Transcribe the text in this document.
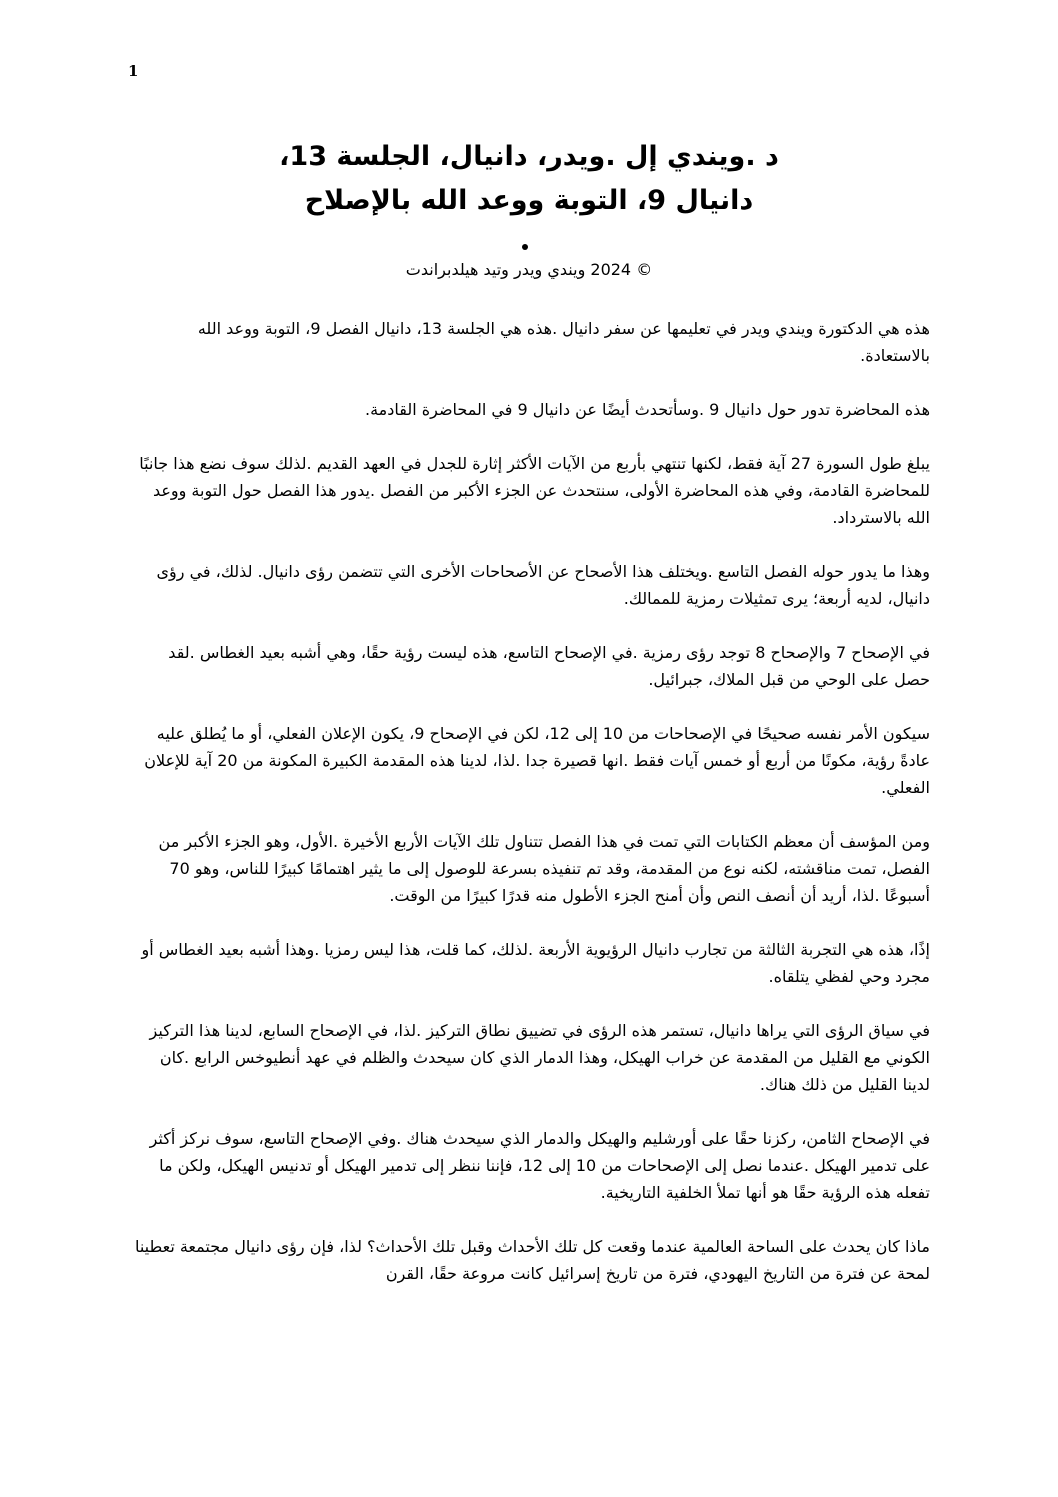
1

د .ويندي إل .ويدر، دانيال، الجلسة 13،

دانيال 9، التوبة ووعد الله بالإصلاح

© 2024 ويندي ويدر وتيد هيلدبراندت

هذه هي الدكتورة ويندي ويدر في تعليمها عن سفر دانيال .هذه هي الجلسة 13، دانيال الفصل 9، التوبة ووعد الله بالاستعادة.

هذه المحاضرة تدور حول دانيال 9 .وسأتحدث أيضًا عن دانيال 9 في المحاضرة القادمة.

يبلغ طول السورة 27 آية فقط، لكنها تنتهي بأربع من الآيات الأكثر إثارة للجدل في العهد القديم .لذلك سوف نضع هذا جانبًا للمحاضرة القادمة، وفي هذه المحاضرة الأولى، سنتحدث عن الجزء الأكبر من الفصل .يدور هذا الفصل حول التوبة ووعد الله بالاسترداد.

وهذا ما يدور حوله الفصل التاسع .ويختلف هذا الأصحاح عن الأصحاحات الأخرى التي تتضمن رؤى دانيال. لذلك، في رؤى دانيال، لديه أربعة؛ يرى تمثيلات رمزية للممالك.

في الإصحاح 7 والإصحاح 8 توجد رؤى رمزية .في الإصحاح التاسع، هذه ليست رؤية حقًا، وهي أشبه بعيد الغطاس .لقد حصل على الوحي من قبل الملاك، جبرائيل.

سيكون الأمر نفسه صحيحًا في الإصحاحات من 10 إلى 12، لكن في الإصحاح 9، يكون الإعلان الفعلي، أو ما يُطلق عليه عادةً رؤية، مكونًا من أربع أو خمس آيات فقط .انها قصيرة جدا .لذا، لدينا هذه المقدمة الكبيرة المكونة من 20 آية للإعلان الفعلي.

ومن المؤسف أن معظم الكتابات التي تمت في هذا الفصل تتناول تلك الآيات الأربع الأخيرة .الأول، وهو الجزء الأكبر من الفصل، تمت مناقشته، لكنه نوع من المقدمة، وقد تم تنفيذه بسرعة للوصول إلى ما يثير اهتمامًا كبيرًا للناس، وهو 70 أسبوعًا .لذا، أريد أن أنصف النص وأن أمنح الجزء الأطول منه قدرًا كبيرًا من الوقت.

إذًا، هذه هي التجربة الثالثة من تجارب دانيال الرؤيوية الأربعة .لذلك، كما قلت، هذا ليس رمزيا .وهذا أشبه بعيد الغطاس أو مجرد وحي لفظي يتلقاه.

في سياق الرؤى التي يراها دانيال، تستمر هذه الرؤى في تضييق نطاق التركيز .لذا، في الإصحاح السابع، لدينا هذا التركيز الكوني مع القليل من المقدمة عن خراب الهيكل، وهذا الدمار الذي كان سيحدث والظلم في عهد أنطيوخس الرابع .كان لدينا القليل من ذلك هناك.

في الإصحاح الثامن، ركزنا حقًا على أورشليم والهيكل والدمار الذي سيحدث هناك .وفي الإصحاح التاسع، سوف نركز أكثر على تدمير الهيكل .عندما نصل إلى الإصحاحات من 10 إلى 12، فإننا ننظر إلى تدمير الهيكل أو تدنيس الهيكل، ولكن ما تفعله هذه الرؤية حقًا هو أنها تملأ الخلفية التاريخية.

ماذا كان يحدث على الساحة العالمية عندما وقعت كل تلك الأحداث وقبل تلك الأحداث؟ لذا، فإن رؤى دانيال مجتمعة تعطينا لمحة عن فترة من التاريخ اليهودي، فترة من تاريخ إسرائيل كانت مروعة حقًا، القرن
